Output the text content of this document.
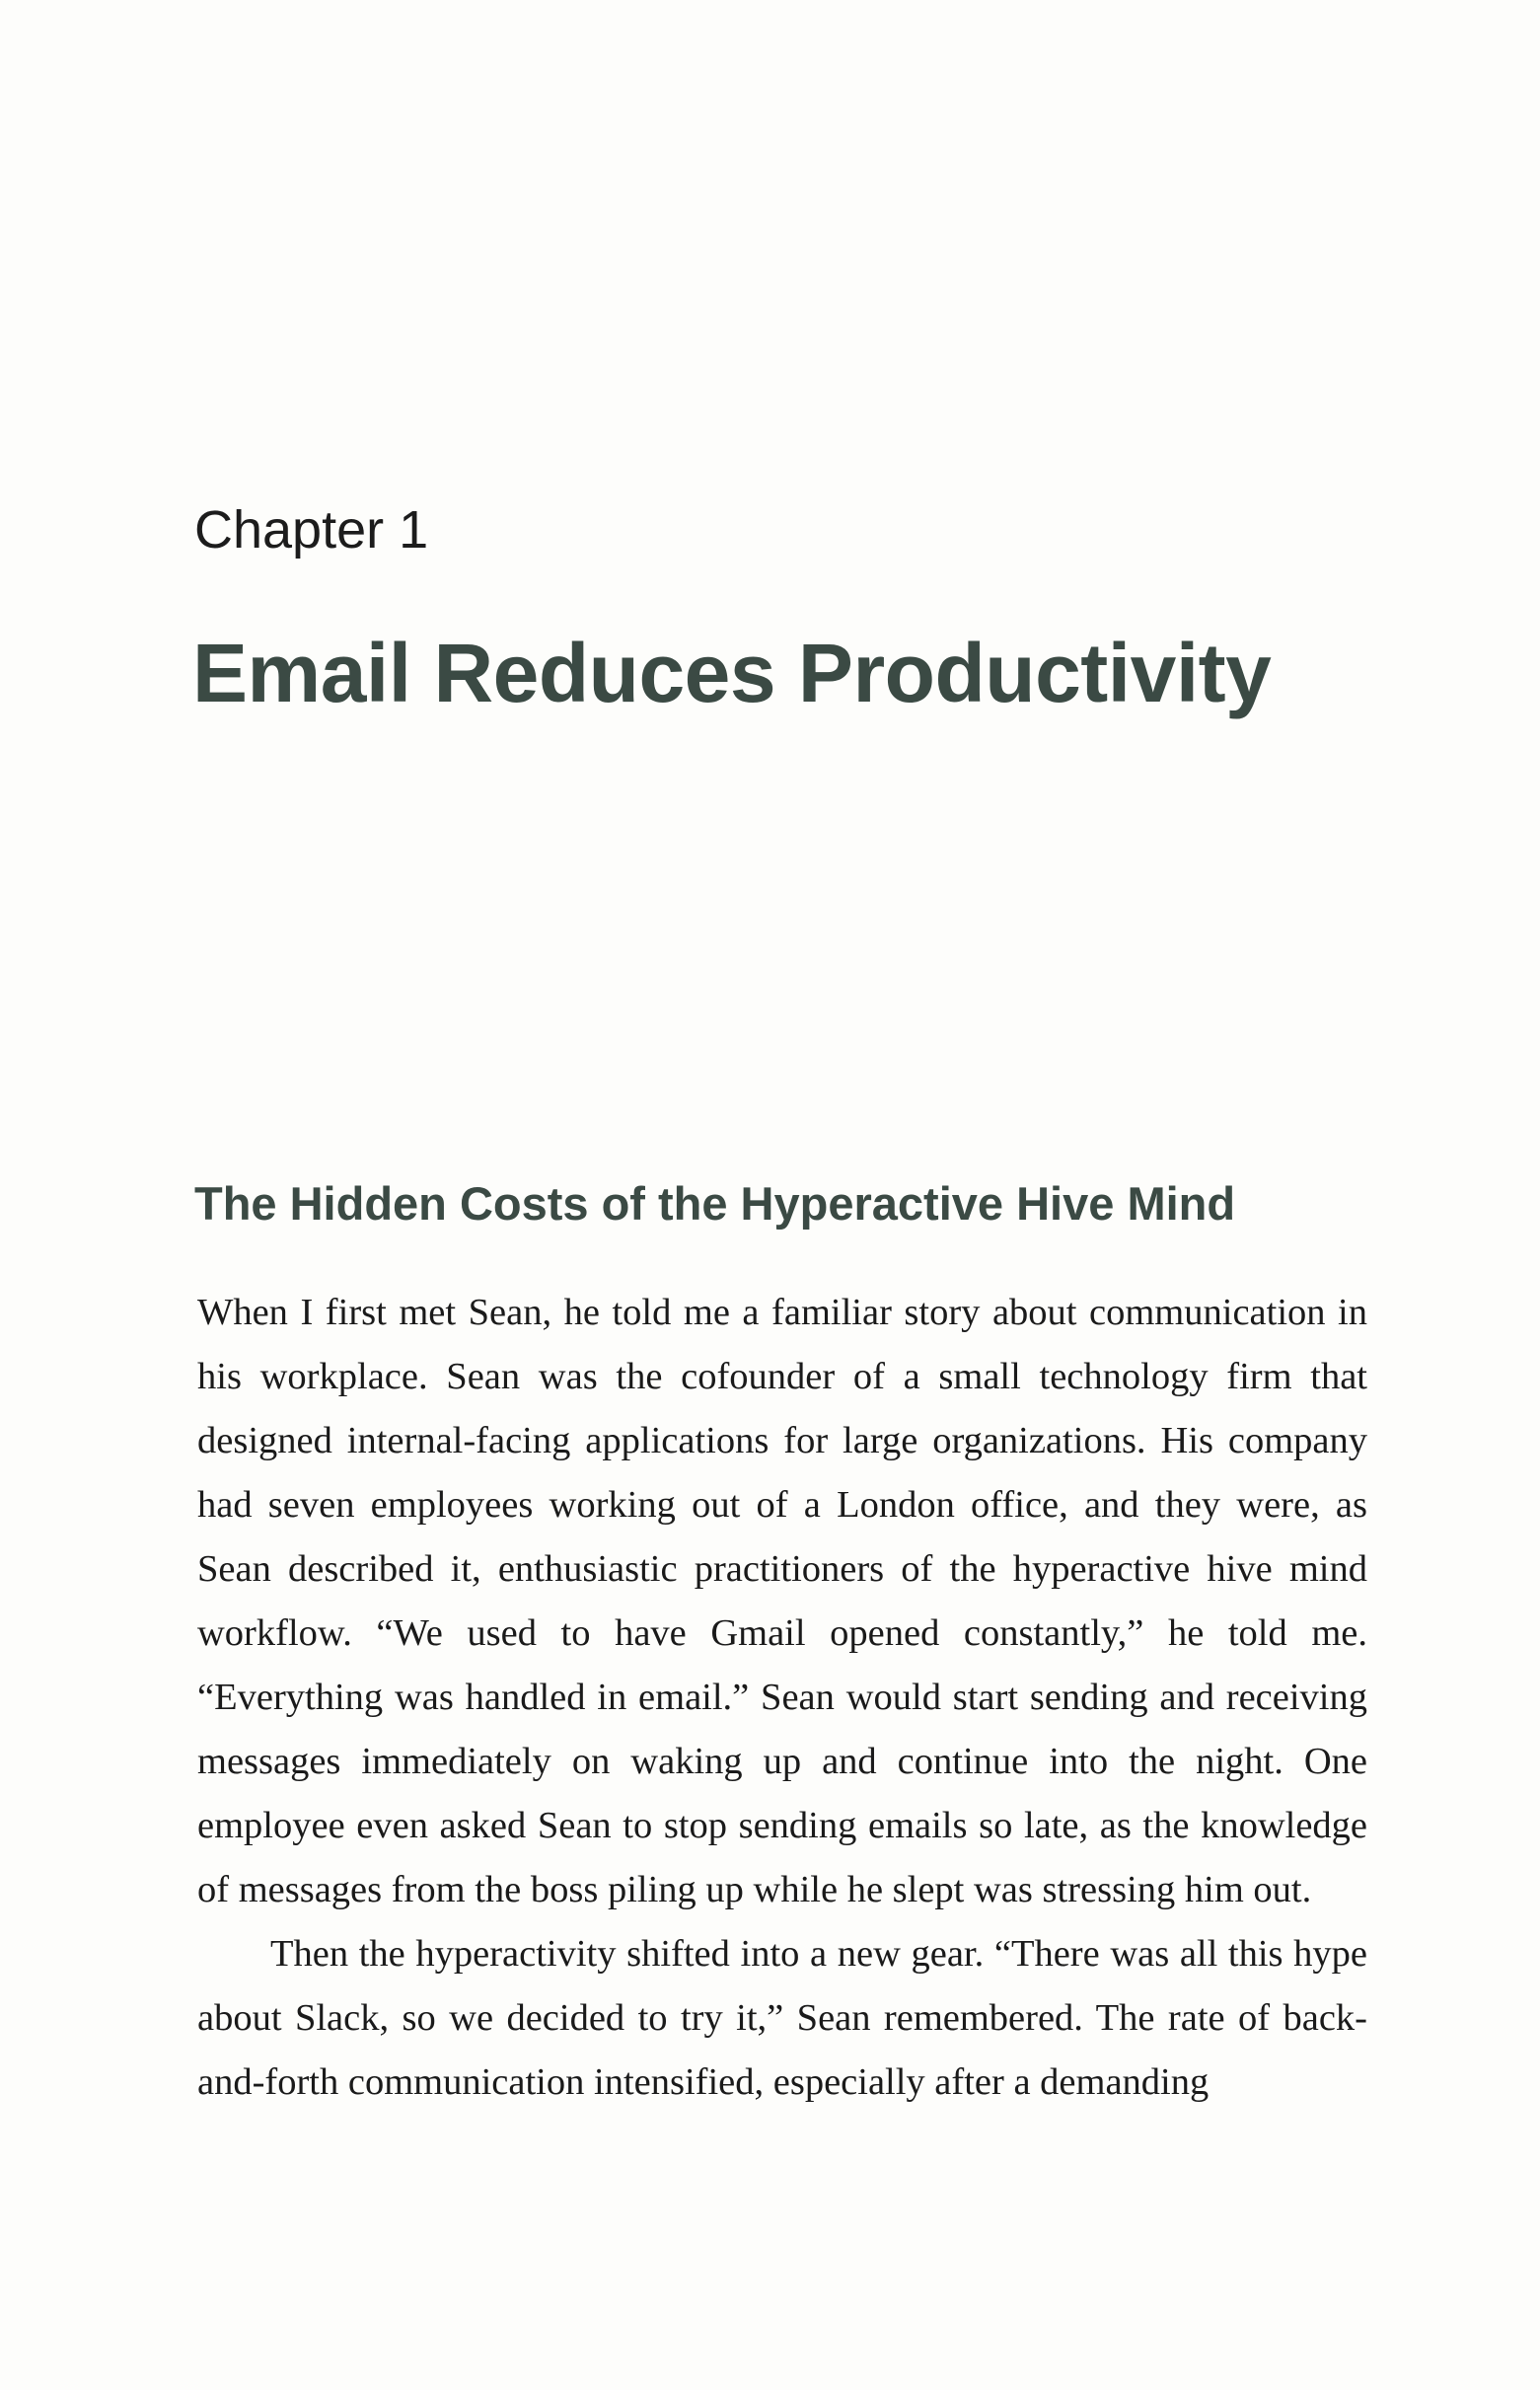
Chapter 1
Email Reduces Productivity
The Hidden Costs of the Hyperactive Hive Mind

When I first met Sean, he told me a familiar story about communication in his workplace. Sean was the cofounder of a small technology firm that designed internal-facing applications for large organizations. His company had seven employees working out of a London office, and they were, as Sean described it, enthusiastic practitioners of the hyperactive hive mind workflow. “We used to have Gmail opened constantly,” he told me. “Everything was handled in email.” Sean would start sending and receiving messages immediately on waking up and continue into the night. One employee even asked Sean to stop sending emails so late, as the knowledge of messages from the boss piling up while he slept was stressing him out.

Then the hyperactivity shifted into a new gear. “There was all this hype about Slack, so we decided to try it,” Sean remembered. The rate of back-and-forth communication intensified, especially after a demanding
